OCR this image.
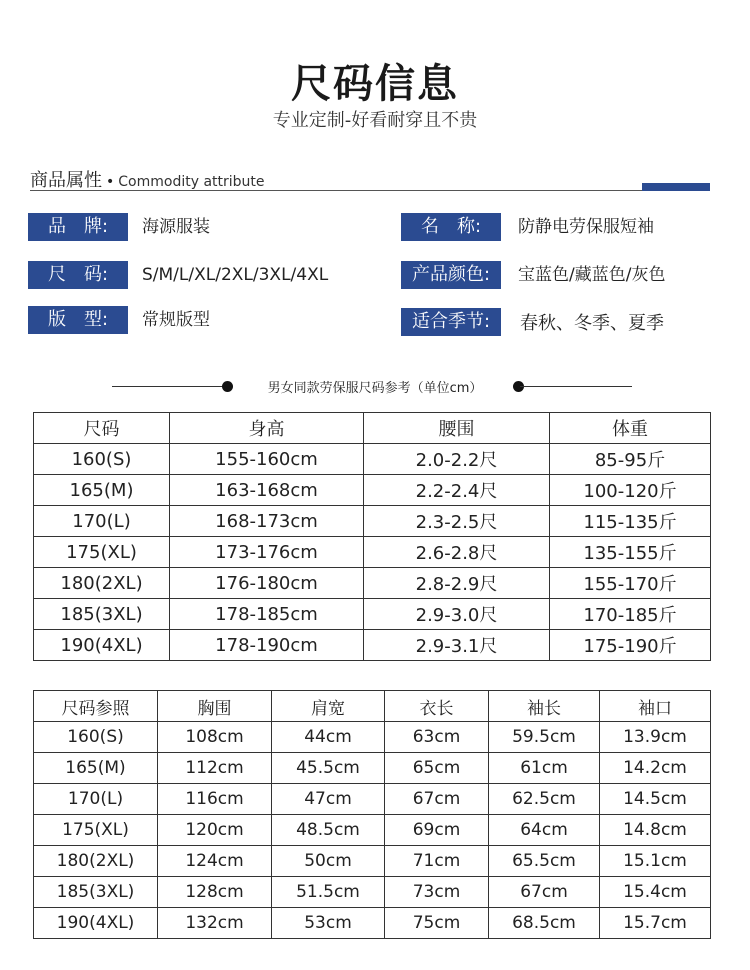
尺码信息
专业定制-好看耐穿且不贵
商品属性 • Commodity attribute
品　牌:	海源服装	名　称:	防静电劳保服短袖
尺　码:	S/M/L/XL/2XL/3XL/4XL	产品颜色:	宝蓝色/藏蓝色/灰色
版　型:	常规版型	适合季节:	春秋、冬季、夏季
男女同款劳保服尺码参考（单位cm）
尺码	身高	腰围	体重
160(S)	155-160cm	2.0-2.2尺	85-95斤
165(M)	163-168cm	2.2-2.4尺	100-120斤
170(L)	168-173cm	2.3-2.5尺	115-135斤
175(XL)	173-176cm	2.6-2.8尺	135-155斤
180(2XL)	176-180cm	2.8-2.9尺	155-170斤
185(3XL)	178-185cm	2.9-3.0尺	170-185斤
190(4XL)	178-190cm	2.9-3.1尺	175-190斤
尺码参照	胸围	肩宽	衣长	袖长	袖口
160(S)	108cm	44cm	63cm	59.5cm	13.9cm
165(M)	112cm	45.5cm	65cm	61cm	14.2cm
170(L)	116cm	47cm	67cm	62.5cm	14.5cm
175(XL)	120cm	48.5cm	69cm	64cm	14.8cm
180(2XL)	124cm	50cm	71cm	65.5cm	15.1cm
185(3XL)	128cm	51.5cm	73cm	67cm	15.4cm
190(4XL)	132cm	53cm	75cm	68.5cm	15.7cm
